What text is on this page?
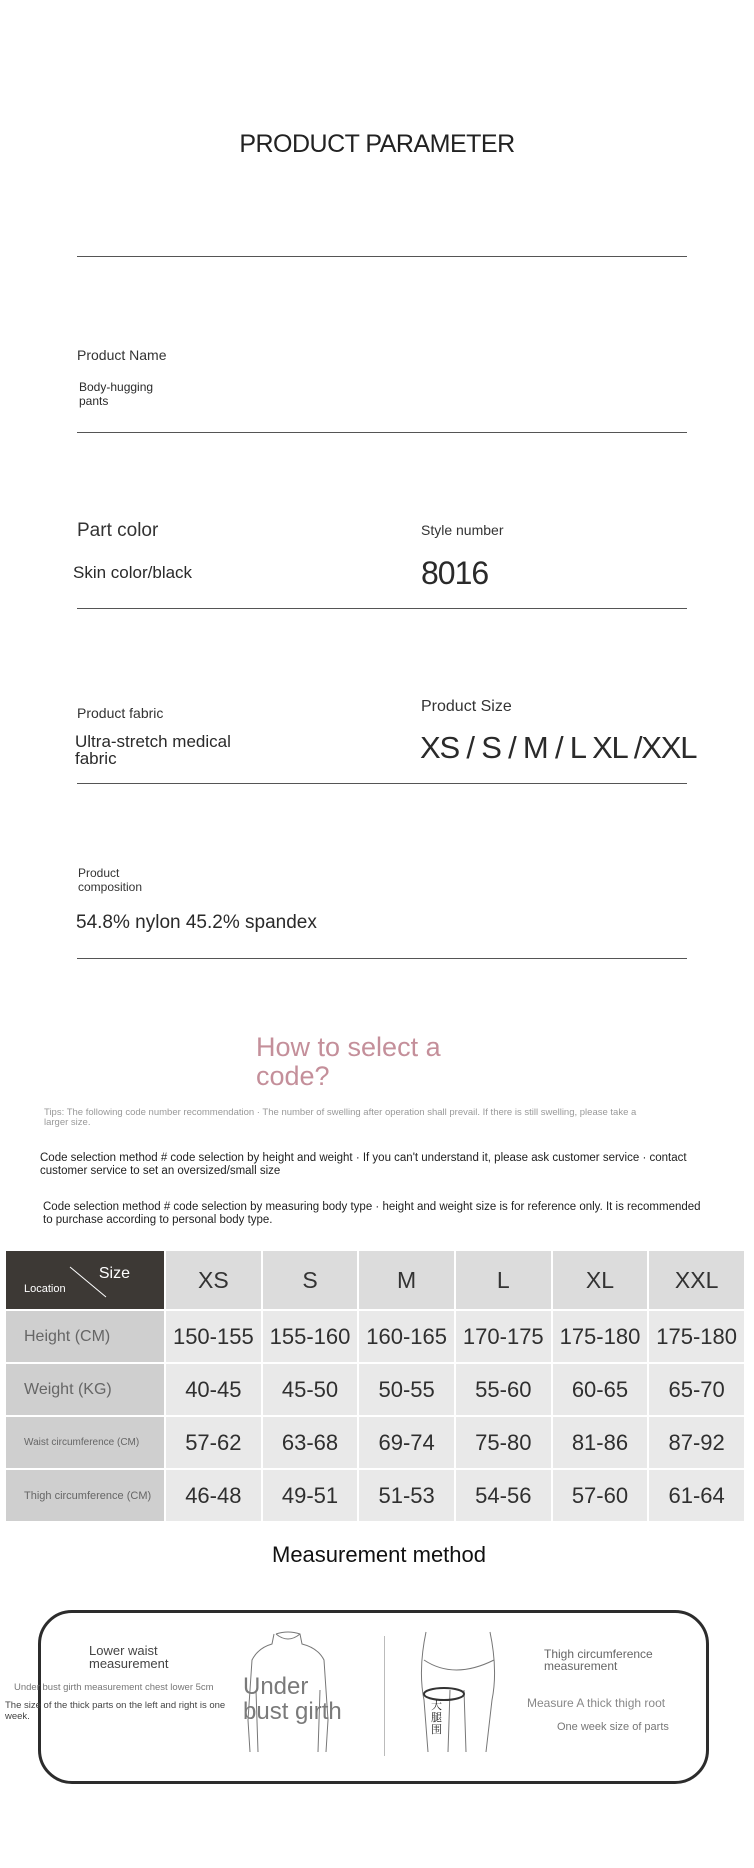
PRODUCT PARAMETER
Product Name
Body-hugging pants
Part color
Skin color/black
Style number
8016
Product fabric
Ultra-stretch medical fabric
Product Size
XS / S / M / L XL /XXL
Product composition
54.8% nylon 45.2% spandex
How to select a code?
Tips: The following code number recommendation · The number of swelling after operation shall prevail. If there is still swelling, please take a larger size.
Code selection method # code selection by height and weight · If you can't understand it, please ask customer service · contact customer service to set an oversized/small size
Code selection method # code selection by measuring body type · height and weight size is for reference only. It is recommended to purchase according to personal body type.
Location
Size	XS	S	M	L	XL	XXL
Height (CM)	150-155	155-160	160-165	170-175	175-180	175-180
Weight (KG)	40-45	45-50	50-55	55-60	60-65	65-70
Waist circumference (CM)	57-62	63-68	69-74	75-80	81-86	87-92
Thigh circumference (CM)	46-48	49-51	51-53	54-56	57-60	61-64
Measurement method
Lower waist measurement
Under bust girth measurement chest lower 5cm
The size of the thick parts on the left and right is one week.
Under bust girth	大腿围
Thigh circumference measurement
Measure A thick thigh root
One week size of parts
